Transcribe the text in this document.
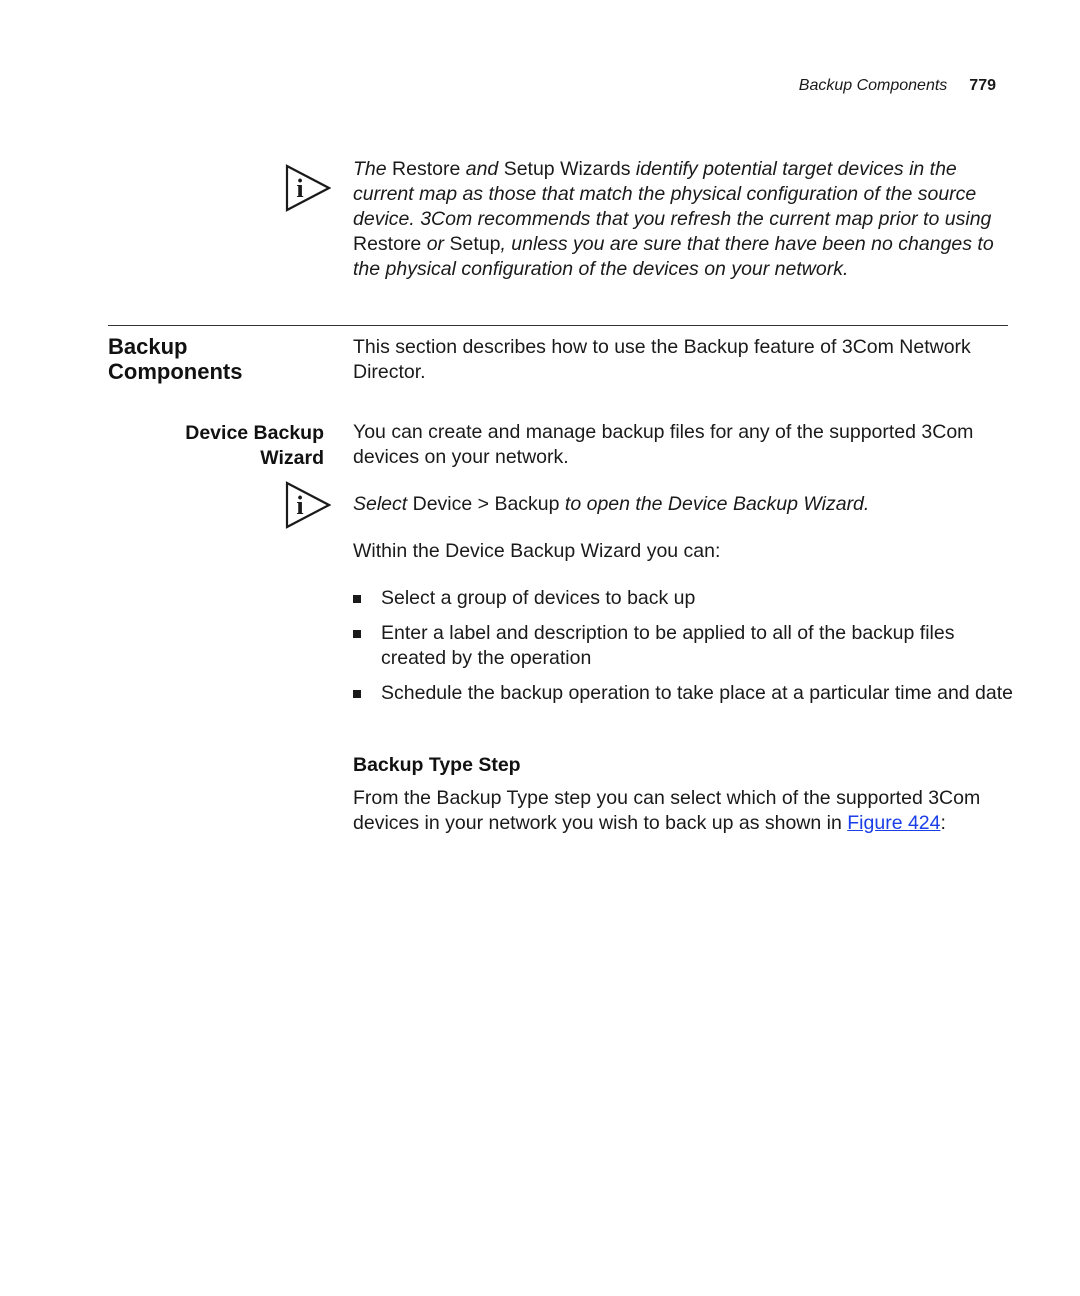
Backup Components 779
i

The Restore and Setup Wizards identify potential target devices in the current map as those that match the physical configuration of the source device. 3Com recommends that you refresh the current map prior to using Restore or Setup, unless you are sure that there have been no changes to the physical configuration of the devices on your network.

Backup
Components

This section describes how to use the Backup feature of 3Com Network Director.

Device Backup
Wizard

You can create and manage backup files for any of the supported 3Com devices on your network.

i	Select Device > Backup to open the Device Backup Wizard.

Within the Device Backup Wizard you can:

Select a group of devices to back up
Enter a label and description to be applied to all of the backup files created by the operation
Schedule the backup operation to take place at a particular time and date
Backup Type Step

From the Backup Type step you can select which of the supported 3Com devices in your network you wish to back up as shown in Figure 424:
